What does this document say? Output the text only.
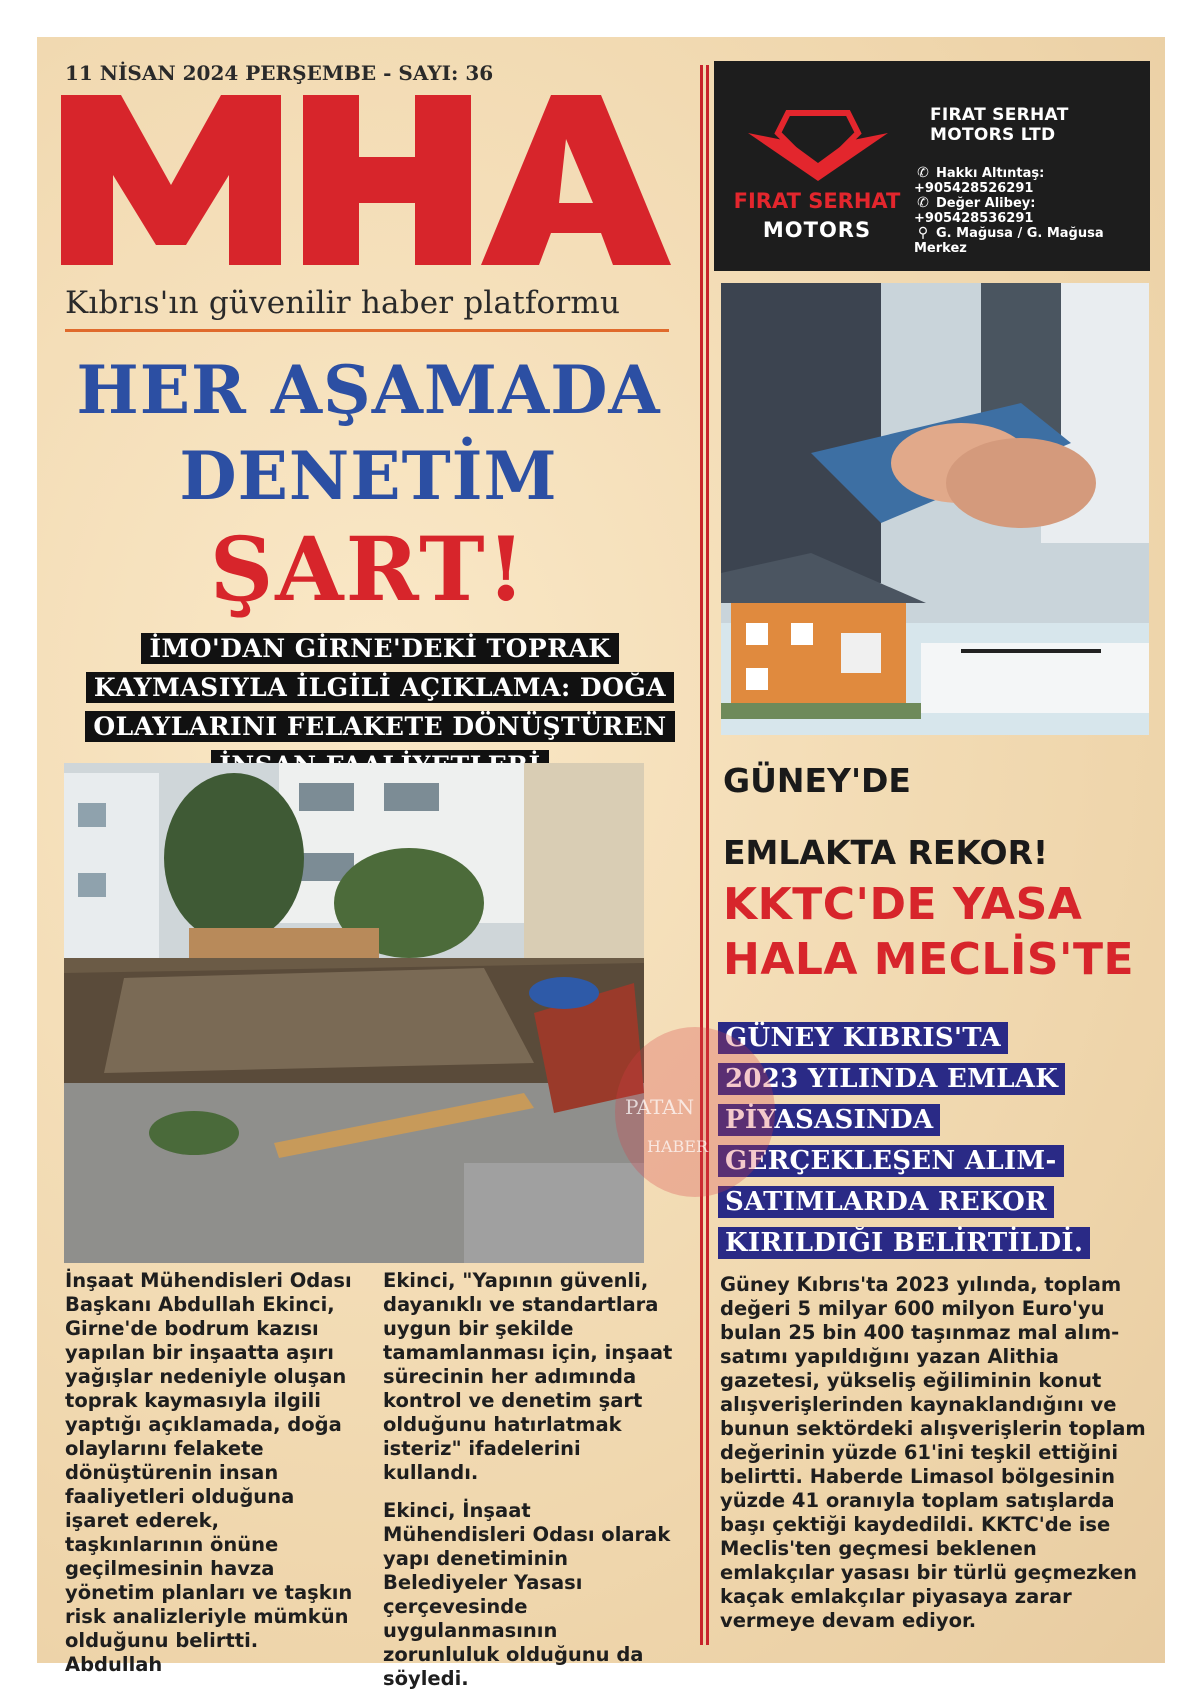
11 NİSAN 2024 PERŞEMBE - SAYI: 36
Kıbrıs'ın güvenilir haber platformu
HER AŞAMADA
DENETİM
ŞART!
İMO'DAN GİRNE'DEKİ TOPRAK
KAYMASIYLA İLGİLİ AÇIKLAMA: DOĞA
OLAYLARINI FELAKETE DÖNÜŞTÜREN

İnşaat Mühendisleri Odası Başkanı Abdullah Ekinci, Girne'de bodrum kazısı yapılan bir inşaatta aşırı yağışlar nedeniyle oluşan toprak kaymasıyla ilgili yaptığı açıklamada, doğa olaylarını felakete dönüştürenin insan faaliyetleri olduğuna işaret ederek, taşkınlarının önüne geçilmesinin havza yönetim planları ve taşkın risk analizleriyle mümkün olduğunu belirtti. Abdullah

Ekinci, "Yapının güvenli, dayanıklı ve standartlara uygun bir şekilde tamamlanması için, inşaat sürecinin her adımında kontrol ve denetim şart olduğunu hatırlatmak isteriz" ifadelerini kullandı.

Ekinci, İnşaat Mühendisleri Odası olarak yapı denetiminin Belediyeler Yasası çerçevesinde uygulanmasının zorunluluk olduğunu da söyledi.

FIRAT SERHAT
MOTORS
FIRAT SERHAT MOTORS LTD
✆ Hakkı Altıntaş: +905428526291
✆ Değer Alibey: +905428536291
⚲ G. Mağusa / G. Mağusa Merkez
GÜNEY'DE
EMLAKTA REKOR!
KKTC'DE YASA
HALA MECLİS'TE
GÜNEY KIBRIS'TA
2023 YILINDA EMLAK
PİYASASINDA
GERÇEKLEŞEN ALIM-
SATIMLARDA REKOR
KIRILDIĞI BELİRTİLDİ.

Güney Kıbrıs'ta 2023 yılında, toplam değeri 5 milyar 600 milyon Euro'yu bulan 25 bin 400 taşınmaz mal alım-satımı yapıldığını yazan Alithia gazetesi, yükseliş eğiliminin konut alışverişlerinden kaynaklandığını ve bunun sektördeki alışverişlerin toplam değerinin yüzde 61'ini teşkil ettiğini belirtti. Haberde Limasol bölgesinin yüzde 41 oranıyla toplam satışlarda başı çektiği kaydedildi. KKTC'de ise Meclis'ten geçmesi beklenen emlakçılar yasası bir türlü geçmezken kaçak emlakçılar piyasaya zarar vermeye devam ediyor.

PATAN
HABER
